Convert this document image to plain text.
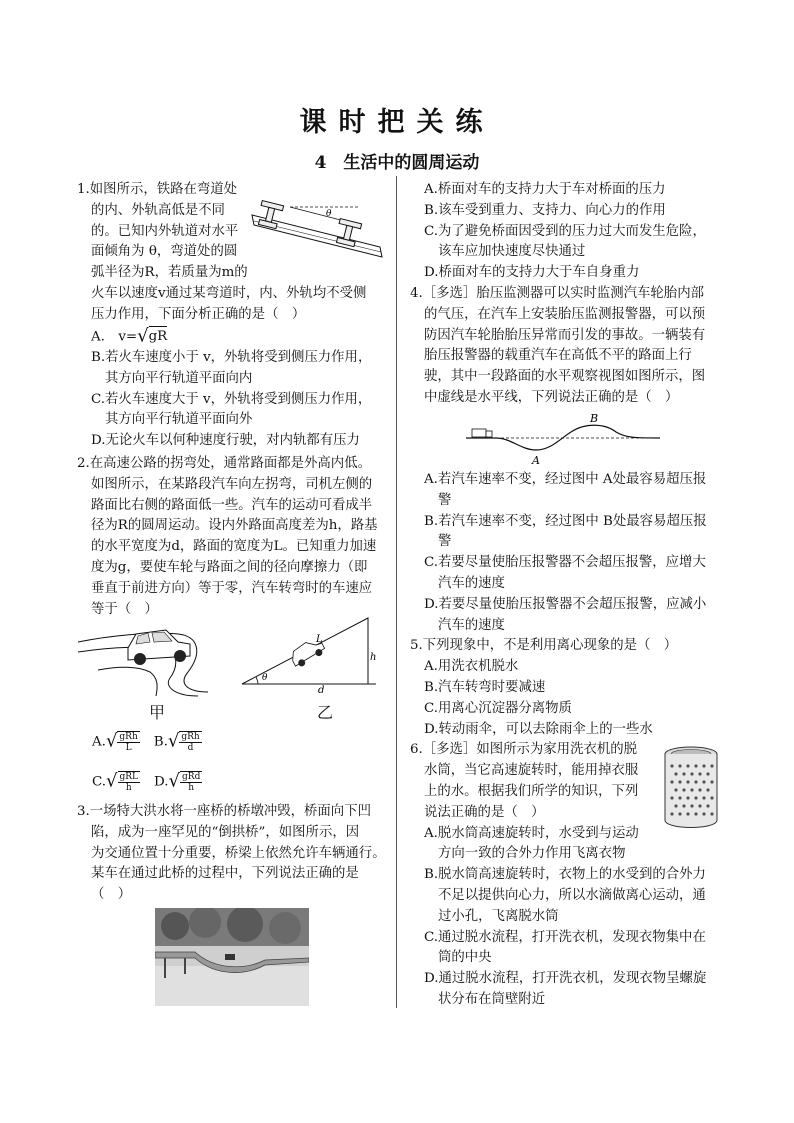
课时把关练
4　生活中的圆周运动

1.如图所示，铁路在弯道处

的内、外轨高低是不同

的。已知内外轨道对水平

面倾角为 θ，弯道处的圆

弧半径为R，若质量为m的

火车以速度v通过某弯道时，内、外轨均不受侧

压力作用，下面分析正确的是（　）

A.　v=√gR

B.若火车速度小于 v，外轨将受到侧压力作用，

其方向平行轨道平面向内

C.若火车速度大于 v，外轨将受到侧压力作用，

其方向平行轨道平面向外

D.无论火车以何种速度行驶，对内轨都有压力

2.在高速公路的拐弯处，通常路面都是外高内低。

如图所示，在某路段汽车向左拐弯，司机左侧的

路面比右侧的路面低一些。汽车的运动可看成半

径为R的圆周运动。设内外路面高度差为h，路基

的水平宽度为d，路面的宽度为L。已知重力加速

度为g，要使车轮与路面之间的径向摩擦力（即

垂直于前进方向）等于零，汽车转弯时的车速应

等于（　）

θ
甲
θ
L
h
d
乙
$A.√ \frac{\text{gRh}}{L} B.√ \frac{\text{gRh}}{d}$
$C.√ \frac{\text{gRL}}{h} D.√ \frac{\text{gRd}}{h}$

3.一场特大洪水将一座桥的桥墩冲毁，桥面向下凹

陷，成为一座罕见的“倒拱桥”，如图所示，因

为交通位置十分重要，桥梁上依然允许车辆通行。

某车在通过此桥的过程中，下列说法正确的是

（　）

A.桥面对车的支持力大于车对桥面的压力

B.该车受到重力、支持力、向心力的作用

C.为了避免桥面因受到的压力过大而发生危险，

该车应加快速度尽快通过

D.桥面对车的支持力大于车自身重力

4.［多选］胎压监测器可以实时监测汽车轮胎内部

的气压，在汽车上安装胎压监测报警器，可以预

防因汽车轮胎胎压异常而引发的事故。一辆装有

胎压报警器的载重汽车在高低不平的路面上行

驶，其中一段路面的水平观察视图如图所示，图

中虚线是水平线，下列说法正确的是（　）

A
B

A.若汽车速率不变，经过图中 A处最容易超压报

警

B.若汽车速率不变，经过图中 B处最容易超压报

警

C.若要尽量使胎压报警器不会超压报警，应增大

汽车的速度

D.若要尽量使胎压报警器不会超压报警，应减小

汽车的速度

5.下列现象中，不是利用离心现象的是（　）

A.用洗衣机脱水

B.汽车转弯时要减速

C.用离心沉淀器分离物质

D.转动雨伞，可以去除雨伞上的一些水

6.［多选］如图所示为家用洗衣机的脱

水筒，当它高速旋转时，能用掉衣服

上的水。根据我们所学的知识，下列

说法正确的是（　）

A.脱水筒高速旋转时，水受到与运动

方向一致的合外力作用飞离衣物

B.脱水筒高速旋转时，衣物上的水受到的合外力

不足以提供向心力，所以水滴做离心运动，通

过小孔，飞离脱水筒

C.通过脱水流程，打开洗衣机，发现衣物集中在

筒的中央

D.通过脱水流程，打开洗衣机，发现衣物呈螺旋

状分布在筒壁附近
